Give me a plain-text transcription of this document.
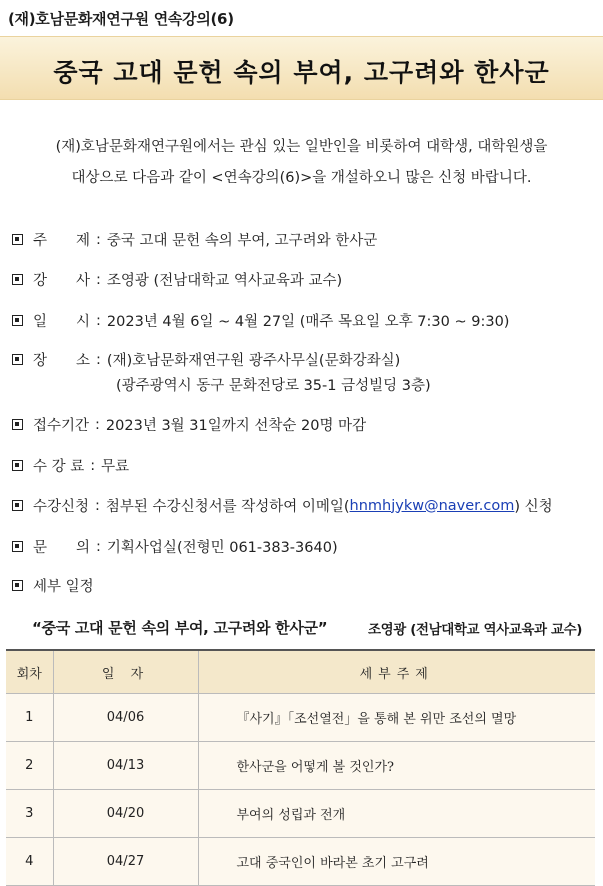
(재)호남문화재연구원 연속강의(6)
중국 고대 문헌 속의 부여, 고구려와 한사군
(재)호남문화재연구원에서는 관심 있는 일반인을 비롯하여 대학생, 대학원생을
대상으로 다음과 같이 <연속강의(6)>을 개설하오니 많은 신청 바랍니다.
주　　제 : 중국 고대 문헌 속의 부여, 고구려와 한사군
강　　사 : 조영광 (전남대학교 역사교육과 교수)
일　　시 : 2023년 4월 6일 ~ 4월 27일 (매주 목요일 오후 7:30 ~ 9:30)
장　　소 : (재)호남문화재연구원 광주사무실(문화강좌실)
(광주광역시 동구 문화전당로 35-1 금성빌딩 3층)
접수기간 : 2023년 3월 31일까지 선착순 20명 마감
수 강 료 : 무료
수강신청 : 첨부된 수강신청서를 작성하여 이메일( hnmhjykw@naver.com ) 신청
문　　의 : 기획사업실(전형민 061-383-3640)
세부 일정
“중국 고대 문헌 속의 부여, 고구려와 한사군”	조영광 (전남대학교 역사교육과 교수)
회차	일 자	세부주제
1	04/06	『사기』「조선열전」을 통해 본 위만 조선의 멸망
2	04/13	한사군을 어떻게 볼 것인가?
3	04/20	부여의 성립과 전개
4	04/27	고대 중국인이 바라본 초기 고구려
